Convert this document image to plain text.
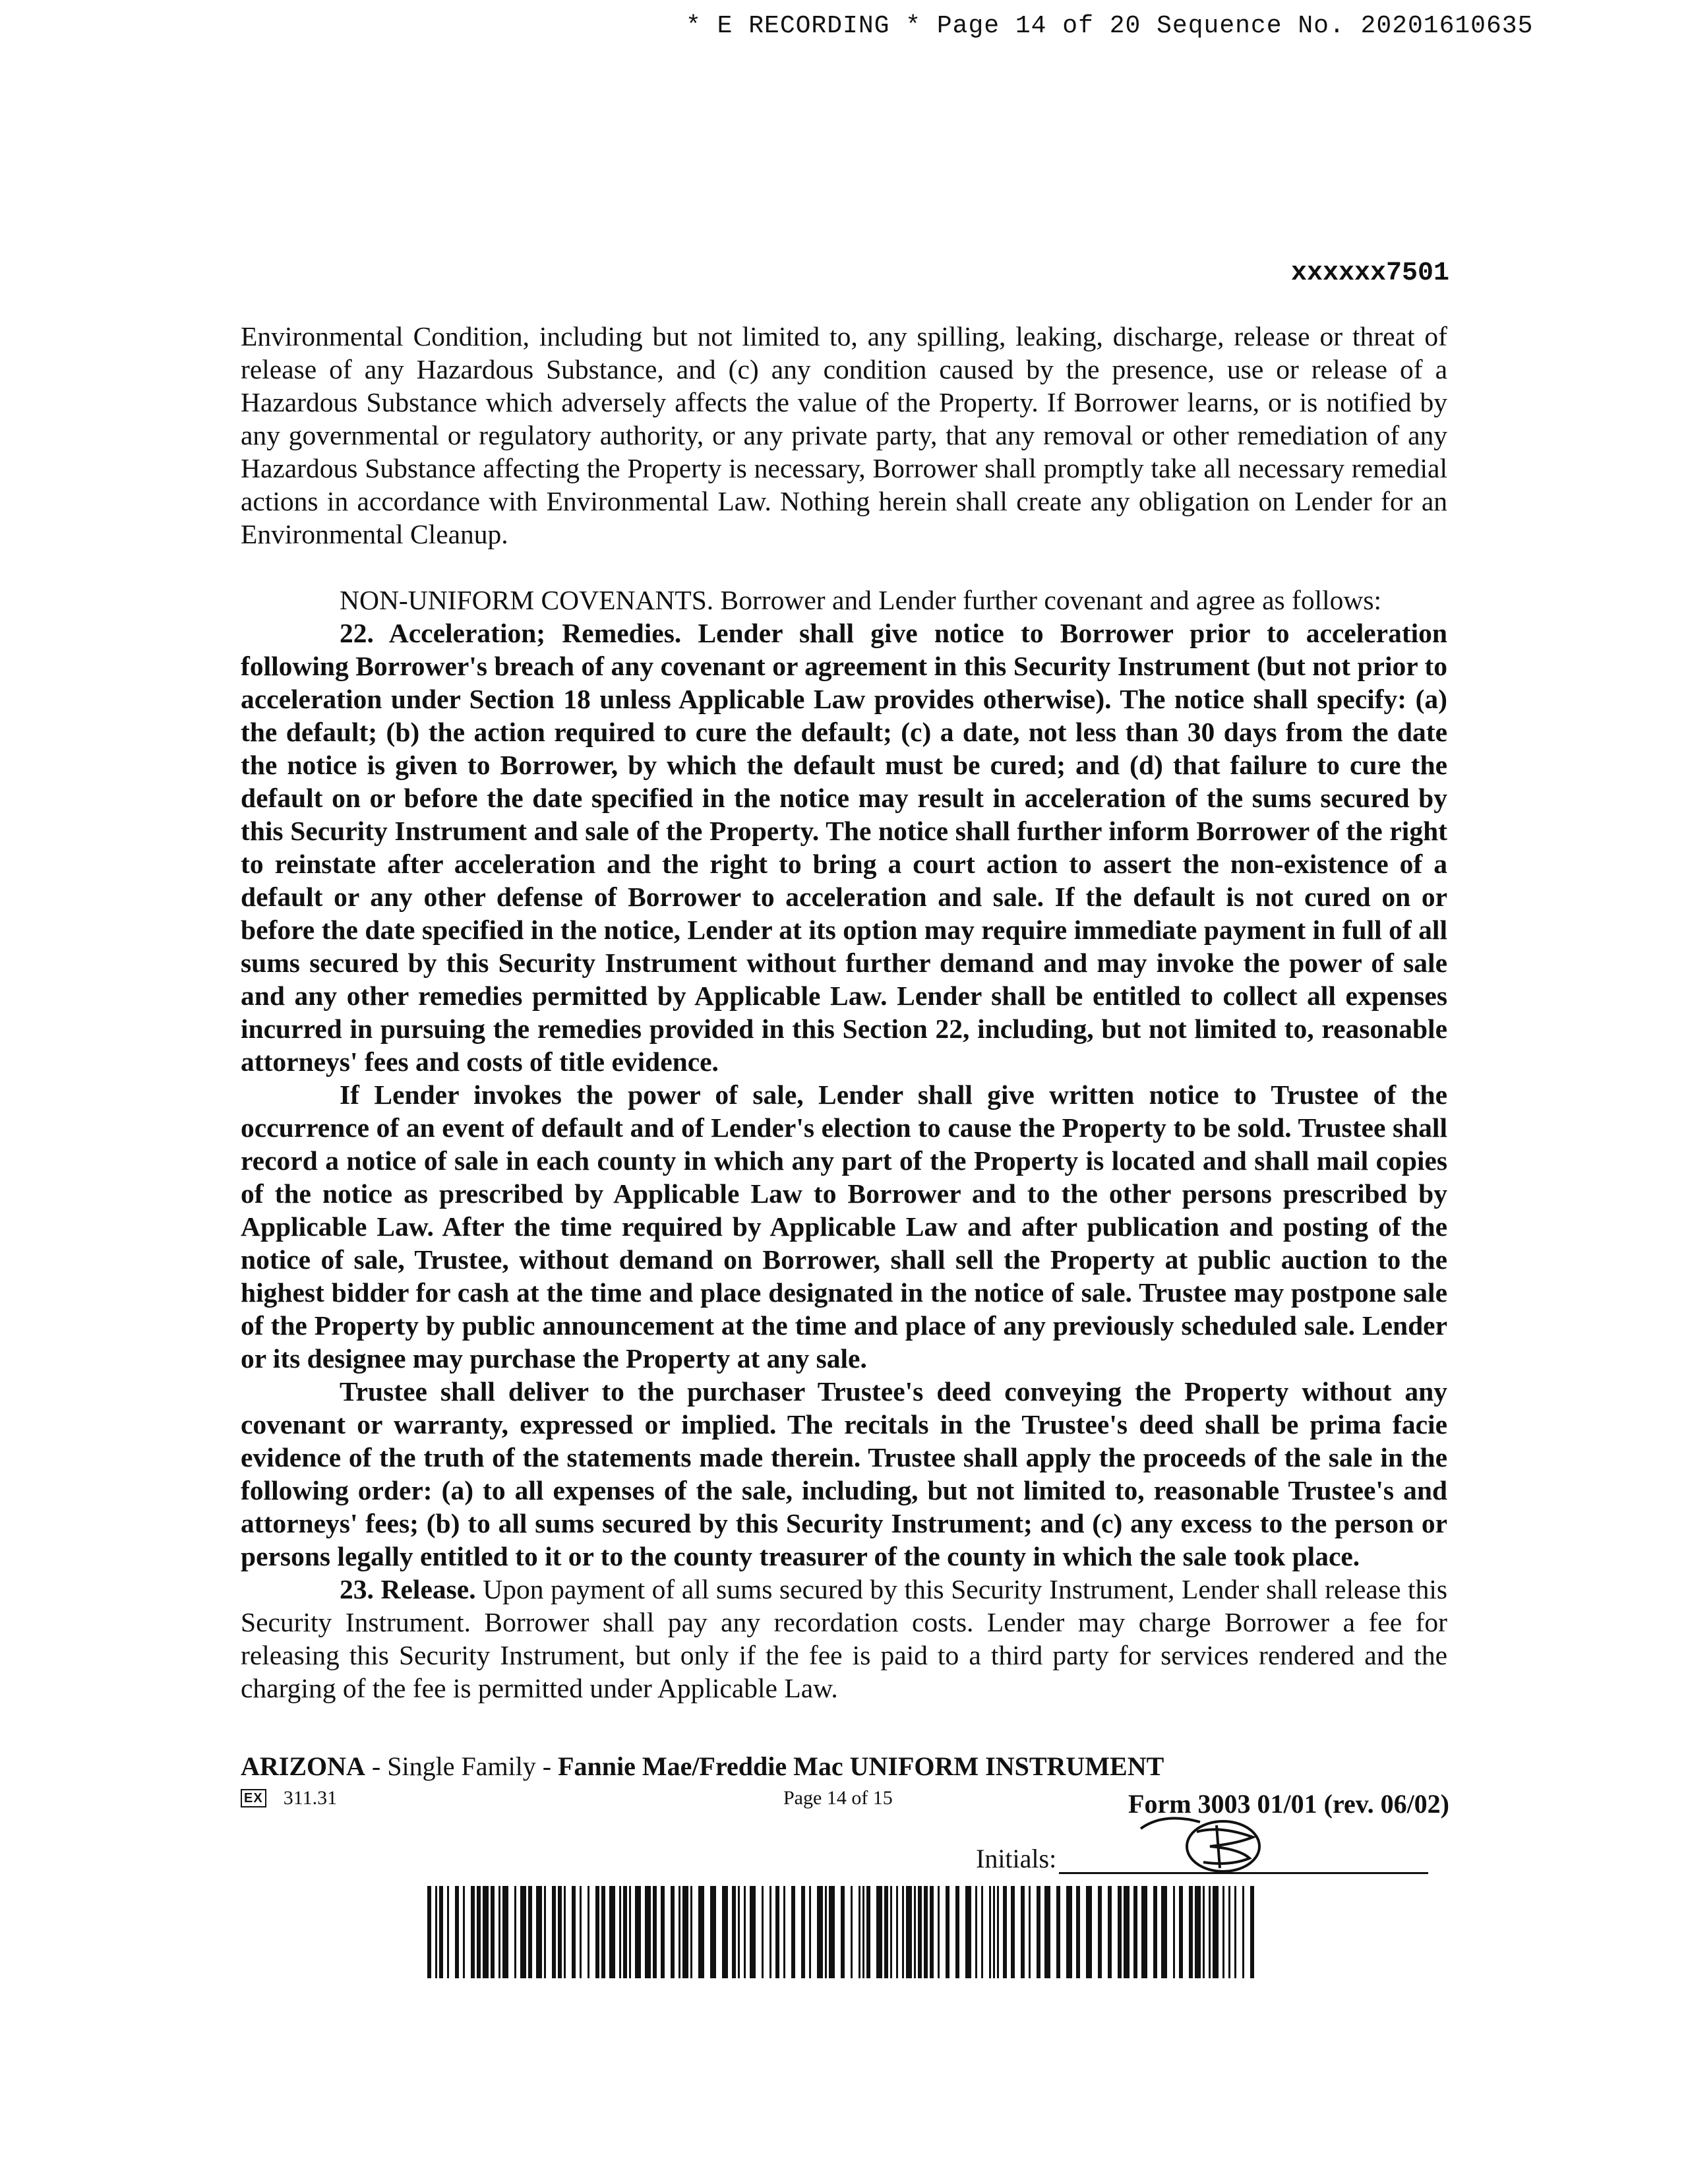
* E RECORDING * Page 14 of 20 Sequence No. 20201610635
xxxxxx7501

Environmental Condition, including but not limited to, any spilling, leaking, discharge, release or threat of release of any Hazardous Substance, and (c) any condition caused by the presence, use or release of a Hazardous Substance which adversely affects the value of the Property. If Borrower learns, or is notified by any governmental or regulatory authority, or any private party, that any removal or other remediation of any Hazardous Substance affecting the Property is necessary, Borrower shall promptly take all necessary remedial actions in accordance with Environmental Law. Nothing herein shall create any obligation on Lender for an Environmental Cleanup.

NON-UNIFORM COVENANTS. Borrower and Lender further covenant and agree as follows:

22. Acceleration; Remedies. Lender shall give notice to Borrower prior to acceleration following Borrower's breach of any covenant or agreement in this Security Instrument (but not prior to acceleration under Section 18 unless Applicable Law provides otherwise). The notice shall specify: (a) the default; (b) the action required to cure the default; (c) a date, not less than 30 days from the date the notice is given to Borrower, by which the default must be cured; and (d) that failure to cure the default on or before the date specified in the notice may result in acceleration of the sums secured by this Security Instrument and sale of the Property. The notice shall further inform Borrower of the right to reinstate after acceleration and the right to bring a court action to assert the non-existence of a default or any other defense of Borrower to acceleration and sale. If the default is not cured on or before the date specified in the notice, Lender at its option may require immediate payment in full of all sums secured by this Security Instrument without further demand and may invoke the power of sale and any other remedies permitted by Applicable Law. Lender shall be entitled to collect all expenses incurred in pursuing the remedies provided in this Section 22, including, but not limited to, reasonable attorneys' fees and costs of title evidence.

If Lender invokes the power of sale, Lender shall give written notice to Trustee of the occurrence of an event of default and of Lender's election to cause the Property to be sold. Trustee shall record a notice of sale in each county in which any part of the Property is located and shall mail copies of the notice as prescribed by Applicable Law to Borrower and to the other persons prescribed by Applicable Law. After the time required by Applicable Law and after publication and posting of the notice of sale, Trustee, without demand on Borrower, shall sell the Property at public auction to the highest bidder for cash at the time and place designated in the notice of sale. Trustee may postpone sale of the Property by public announcement at the time and place of any previously scheduled sale. Lender or its designee may purchase the Property at any sale.

Trustee shall deliver to the purchaser Trustee's deed conveying the Property without any covenant or warranty, expressed or implied. The recitals in the Trustee's deed shall be prima facie evidence of the truth of the statements made therein. Trustee shall apply the proceeds of the sale in the following order: (a) to all expenses of the sale, including, but not limited to, reasonable Trustee's and attorneys' fees; (b) to all sums secured by this Security Instrument; and (c) any excess to the person or persons legally entitled to it or to the county treasurer of the county in which the sale took place.

23. Release. Upon payment of all sums secured by this Security Instrument, Lender shall release this Security Instrument. Borrower shall pay any recordation costs. Lender may charge Borrower a fee for releasing this Security Instrument, but only if the fee is paid to a third party for services rendered and the charging of the fee is permitted under Applicable Law.

ARIZONA - Single Family - Fannie Mae/Freddie Mac UNIFORM INSTRUMENT
EX 311.31	Page 14 of 15	Form 3003 01/01 (rev. 06/02)
Initials:
